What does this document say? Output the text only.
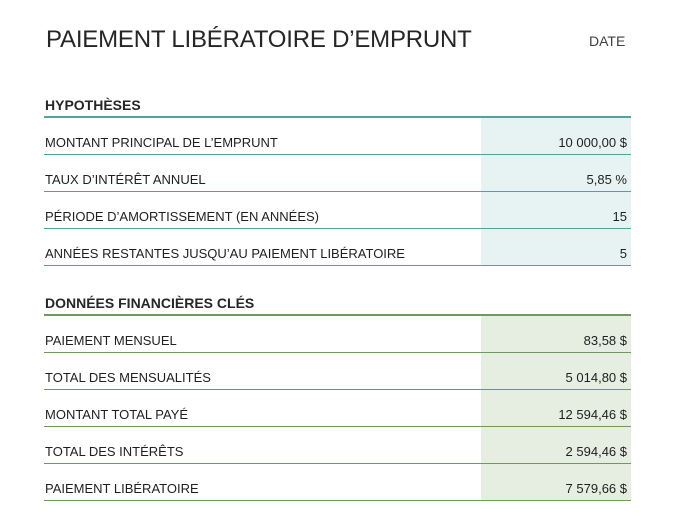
PAIEMENT LIBÉRATOIRE D’EMPRUNT	DATE
HYPOTHÈSES
MONTANT PRINCIPAL DE L’EMPRUNT	10 000,00 $
TAUX D’INTÉRÊT ANNUEL	5,85 %
PÉRIODE D’AMORTISSEMENT (EN ANNÉES)	15
ANNÉES RESTANTES JUSQU’AU PAIEMENT LIBÉRATOIRE	5
DONNÉES FINANCIÈRES CLÉS
PAIEMENT MENSUEL	83,58 $
TOTAL DES MENSUALITÉS	5 014,80 $
MONTANT TOTAL PAYÉ	12 594,46 $
TOTAL DES INTÉRÊTS	2 594,46 $
PAIEMENT LIBÉRATOIRE	7 579,66 $
